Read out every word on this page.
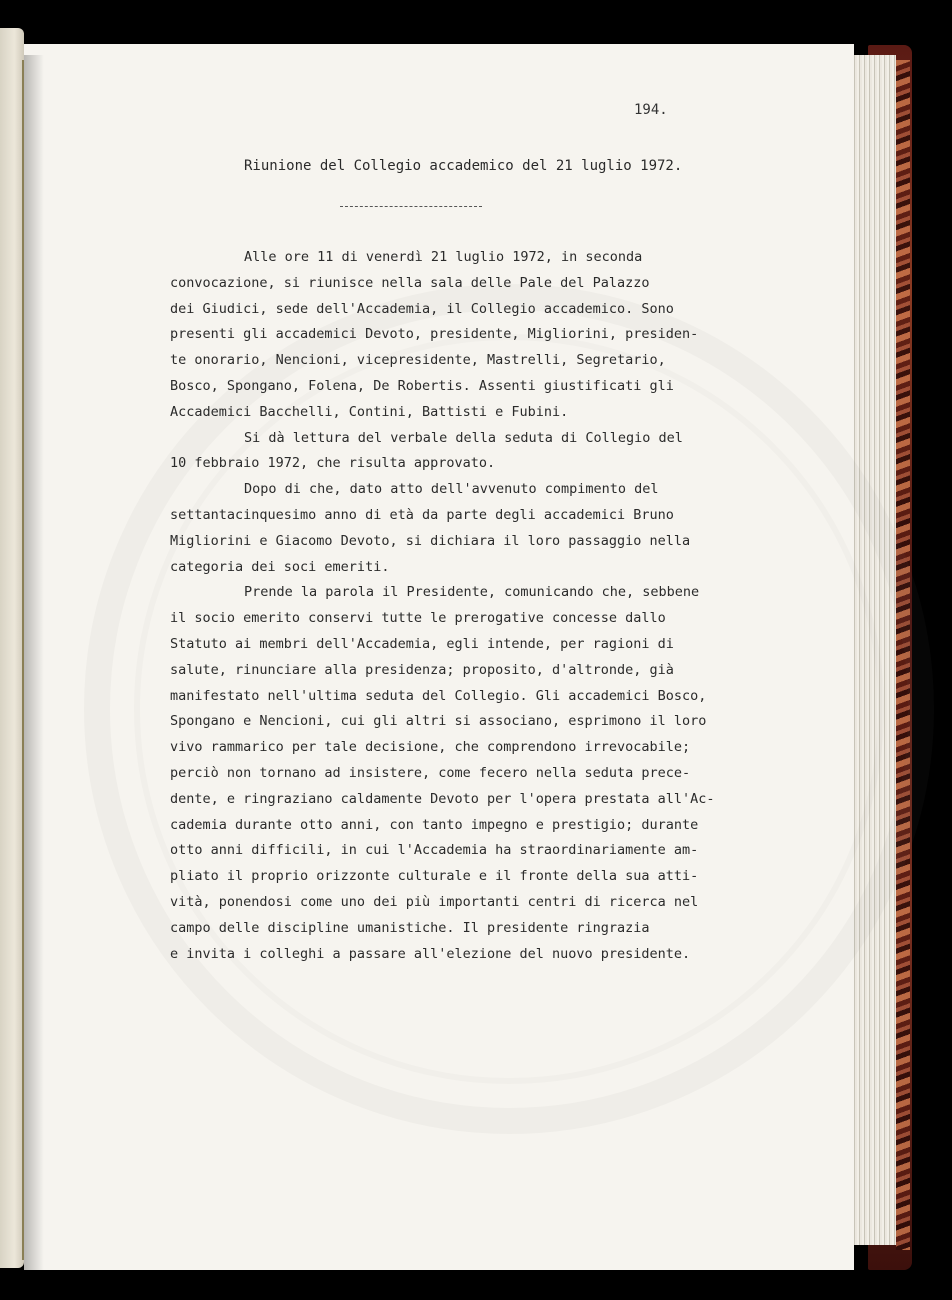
194.
Riunione del Collegio accademico del 21 luglio 1972.
Alle ore 11 di venerdì 21 luglio 1972, in seconda
convocazione, si riunisce nella sala delle Pale del Palazzo
dei Giudici, sede dell'Accademia, il Collegio accademico. Sono
presenti gli accademici Devoto, presidente, Migliorini, presiden-
te onorario, Nencioni, vicepresidente, Mastrelli, Segretario,
Bosco, Spongano, Folena, De Robertis. Assenti giustificati gli
Accademici Bacchelli, Contini, Battisti e Fubini.
Si dà lettura del verbale della seduta di Collegio del
10 febbraio 1972, che risulta approvato.
Dopo di che, dato atto dell'avvenuto compimento del
settantacinquesimo anno di età da parte degli accademici Bruno
Migliorini e Giacomo Devoto, si dichiara il loro passaggio nella
categoria dei soci emeriti.
Prende la parola il Presidente, comunicando che, sebbene
il socio emerito conservi tutte le prerogative concesse dallo
Statuto ai membri dell'Accademia, egli intende, per ragioni di
salute, rinunciare alla presidenza; proposito, d'altronde, già
manifestato nell'ultima seduta del Collegio. Gli accademici Bosco,
Spongano e Nencioni, cui gli altri si associano, esprimono il loro
vivo rammarico per tale decisione, che comprendono irrevocabile;
perciò non tornano ad insistere, come fecero nella seduta prece-
dente, e ringraziano caldamente Devoto per l'opera prestata all'Ac-
cademia durante otto anni, con tanto impegno e prestigio; durante
otto anni difficili, in cui l'Accademia ha straordinariamente am-
pliato il proprio orizzonte culturale e il fronte della sua atti-
vità, ponendosi come uno dei più importanti centri di ricerca nel
campo delle discipline umanistiche. Il presidente ringrazia
e invita i colleghi a passare all'elezione del nuovo presidente.
